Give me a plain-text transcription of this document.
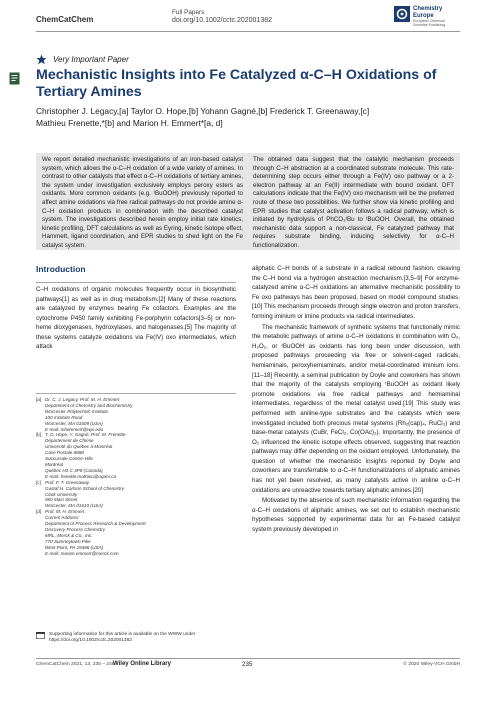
ChemCatChem
Full Papers
doi.org/10.1002/cctc.202001382
Chemistry
Europe
European Chemical
Societies Publishing
Very Important Paper
Mechanistic Insights into Fe Catalyzed α-C–H Oxidations of Tertiary Amines
Christopher J. Legacy,[a] Taylor O. Hope,[b] Yohann Gagné,[b] Frederick T. Greenaway,[c]
Mathieu Frenette,*[b] and Marion H. Emmert*[a, d]
We report detailed mechanistic investigations of an iron-based catalyst system, which allows the α-C–H oxidation of a wide variety of amines. In contrast to other catalysts that effect α-C–H oxidations of tertiary amines, the system under investigation exclusively employs peroxy esters as oxidants. More common oxidants (e.g. ᵗBuOOH) previously reported to affect amine oxidations via free radical pathways do not provide amine α-C–H oxidation products in combination with the described catalyst system. The investigations described herein employ initial rate kinetics, kinetic profiling, DFT calculations as well as Eyring, kinetic isotope effect, Hammett, ligand coordination, and EPR studies to shed light on the Fe catalyst system.
The obtained data suggest that the catalytic mechanism proceeds through C–H abstraction at a coordinated substrate molecule. This rate-determining step occurs either through a Fe(IV) oxo pathway or a 2-electron pathway at an Fe(II) intermediate with bound oxidant. DFT calculations indicate that the Fe(IV) oxo mechanism will be the preferred route of these two possibilities. We further show via kinetic profiling and EPR studies that catalyst activation follows a radical pathway, which is initiated by hydrolysis of PhCO₃ᵗBu to ᵗBuOOH. Overall, the obtained mechanistic data support a non-classical, Fe catalyzed pathway that requires substrate binding, inducing selectivity for α-C–H functionalization.
Introduction
C–H oxidations of organic molecules frequently occur in biosynthetic pathways[1] as well as in drug metabolism.[2] Many of these reactions are catalyzed by enzymes bearing Fe cofactors. Examples are the cytochrome P450 family exhibiting Fe-porphyrin cofactors[3–5] or non-heme dioxygenases, hydroxylases, and halogenases.[5] The majority of these systems catalyze oxidations via Fe(IV) oxo intermediates, which attack
[a] Dr. C. J. Legacy, Prof. M. H. Emmert
Department of Chemistry and Biochemistry
Worcester Polytechnic Institute
100 Institute Road
Worcester, MA 01609 (USA)
E-mail: mhemmert@wpi.edu
[b] T. O. Hope, Y. Gagné, Prof. M. Frenette
Département de Chimie
Université du Québec à Montréal
Case Postale 8888
Succursale Centre-Ville
Montréal
Québec H3 C 3P8 (Canada)
E-mail: frenette.mathieu@uqam.ca
[c] Prof. F. T. Greenaway
Gustaf H. Carlson School of Chemistry
Clark University
950 Main Street
Worcester, MA 01610 (USA)
[d] Prof. M. H. Emmert
Current Address:
Department of Process Research & Development
Discovery Process Chemistry
MRL, Merck & Co., Inc.
770 Sumneytown Pike
West Point, PA 19486 (USA)
E-mail: marion.emmert@merck.com
Supporting information for this article is available on the WWW under https://doi.org/10.1002/cctc.202001382

aliphatic C–H bonds of a substrate in a radical rebound fashion, cleaving the C–H bond via a hydrogen abstraction mechanism.[3,5–9] For enzyme-catalyzed amine α-C–H oxidations an alternative mechanistic possibility to Fe oxo pathways has been proposed, based on model compound studies.[10] This mechanism proceeds through single electron and proton transfers, forming iminium or imine products via radical intermediates.

The mechanistic framework of synthetic systems that functionally mimic the metabolic pathways of amine α-C–H oxidations in combination with O₂, H₂O₂, or ᵗBuOOH as oxidants has long been under discussion, with proposed pathways proceeding via free or solvent-caged radicals, hemiaminals, peroxyhemiaminals, and/or metal-coordinated iminium ions.[11–18] Recently, a seminal publication by Doyle and coworkers has shown that the majority of the catalysts employing ᵗBuOOH as oxidant likely promote oxidations via free radical pathways and hemiaminal intermediates, regardless of the metal catalyst used.[19] This study was performed with aniline-type substrates and the catalysts which were investigated included both precious metal systems (Rh₂(cap)₄, RuCl₃) and base-metal catalysts (CuBr, FeCl₂, Co(OAc)₂). Importantly, the presence of O₂ influenced the kinetic isotope effects observed, suggesting that reaction pathways may differ depending on the oxidant employed. Unfortunately, the question of whether the mechanistic insights reported by Doyle and coworkers are transferrable to α-C–H functionalizations of aliphatic amines has not yet been resolved, as many catalysts active in aniline α-C–H oxidations are unreactive towards tertiary aliphatic amines.[20]

Motivated by the absence of such mechanistic information regarding the α-C–H oxidations of aliphatic amines, we set out to establish mechanistic hypotheses supported by experimental data for an Fe-based catalyst system previously developed in

ChemCatChem 2021, 13, 235 – 246
Wiley Online Library	235	© 2020 Wiley-VCH GmbH
